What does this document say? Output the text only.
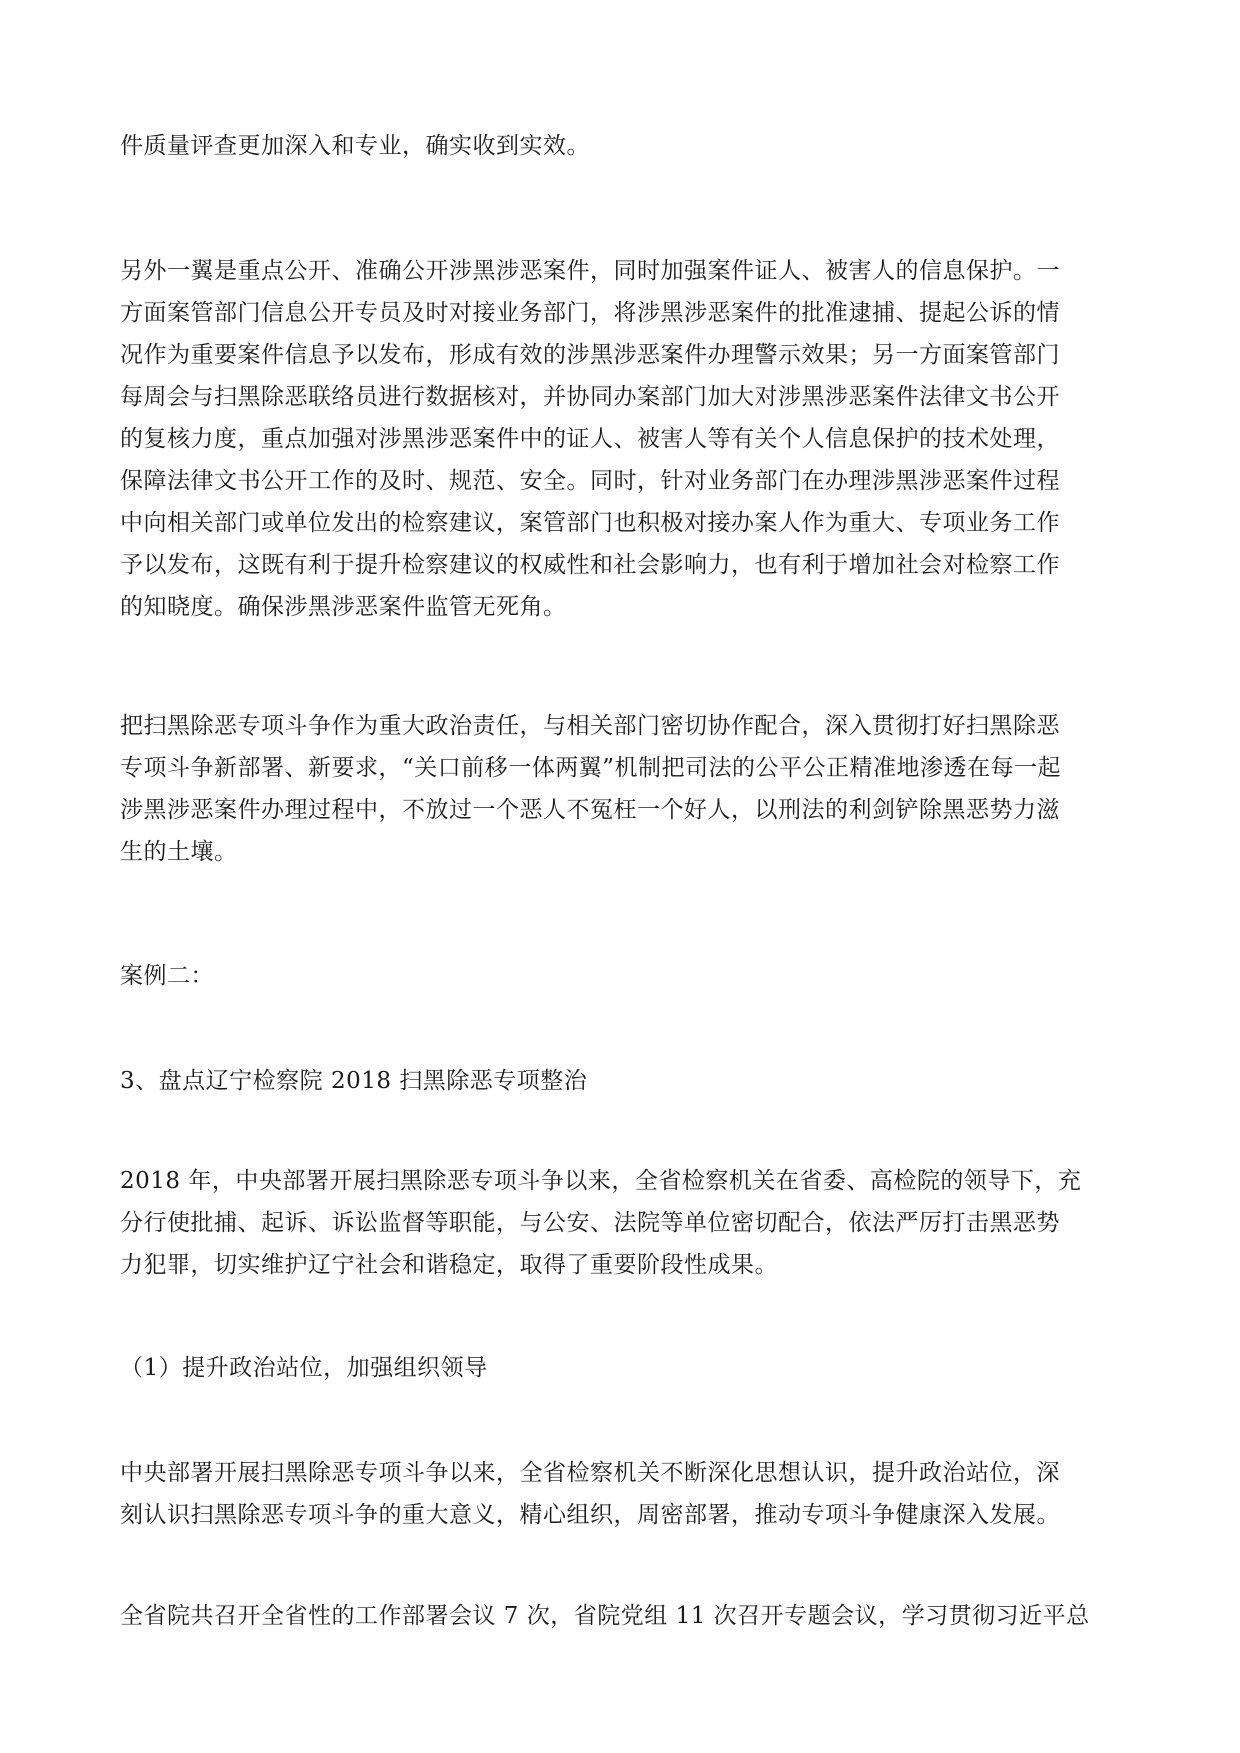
件质量评查更加深入和专业，确实收到实效。

另外一翼是重点公开、准确公开涉黑涉恶案件，同时加强案件证人、被害人的信息保护。一
方面案管部门信息公开专员及时对接业务部门，将涉黑涉恶案件的批准逮捕、提起公诉的情
况作为重要案件信息予以发布，形成有效的涉黑涉恶案件办理警示效果；另一方面案管部门
每周会与扫黑除恶联络员进行数据核对，并协同办案部门加大对涉黑涉恶案件法律文书公开
的复核力度，重点加强对涉黑涉恶案件中的证人、被害人等有关个人信息保护的技术处理，
保障法律文书公开工作的及时、规范、安全。同时，针对业务部门在办理涉黑涉恶案件过程
中向相关部门或单位发出的检察建议，案管部门也积极对接办案人作为重大、专项业务工作
予以发布，这既有利于提升检察建议的权威性和社会影响力，也有利于增加社会对检察工作
的知晓度。确保涉黑涉恶案件监管无死角。

把扫黑除恶专项斗争作为重大政治责任，与相关部门密切协作配合，深入贯彻打好扫黑除恶
专项斗争新部署、新要求，“关口前移一体两翼”机制把司法的公平公正精准地渗透在每一起
涉黑涉恶案件办理过程中，不放过一个恶人不冤枉一个好人，以刑法的利剑铲除黑恶势力滋
生的土壤。

案例二：

3、盘点辽宁检察院 2018 扫黑除恶专项整治

2018 年，中央部署开展扫黑除恶专项斗争以来，全省检察机关在省委、高检院的领导下，充
分行使批捕、起诉、诉讼监督等职能，与公安、法院等单位密切配合，依法严厉打击黑恶势
力犯罪，切实维护辽宁社会和谐稳定，取得了重要阶段性成果。

（1）提升政治站位，加强组织领导

中央部署开展扫黑除恶专项斗争以来，全省检察机关不断深化思想认识，提升政治站位，深
刻认识扫黑除恶专项斗争的重大意义，精心组织，周密部署，推动专项斗争健康深入发展。

全省院共召开全省性的工作部署会议 7 次，省院党组 11 次召开专题会议，学习贯彻习近平总
